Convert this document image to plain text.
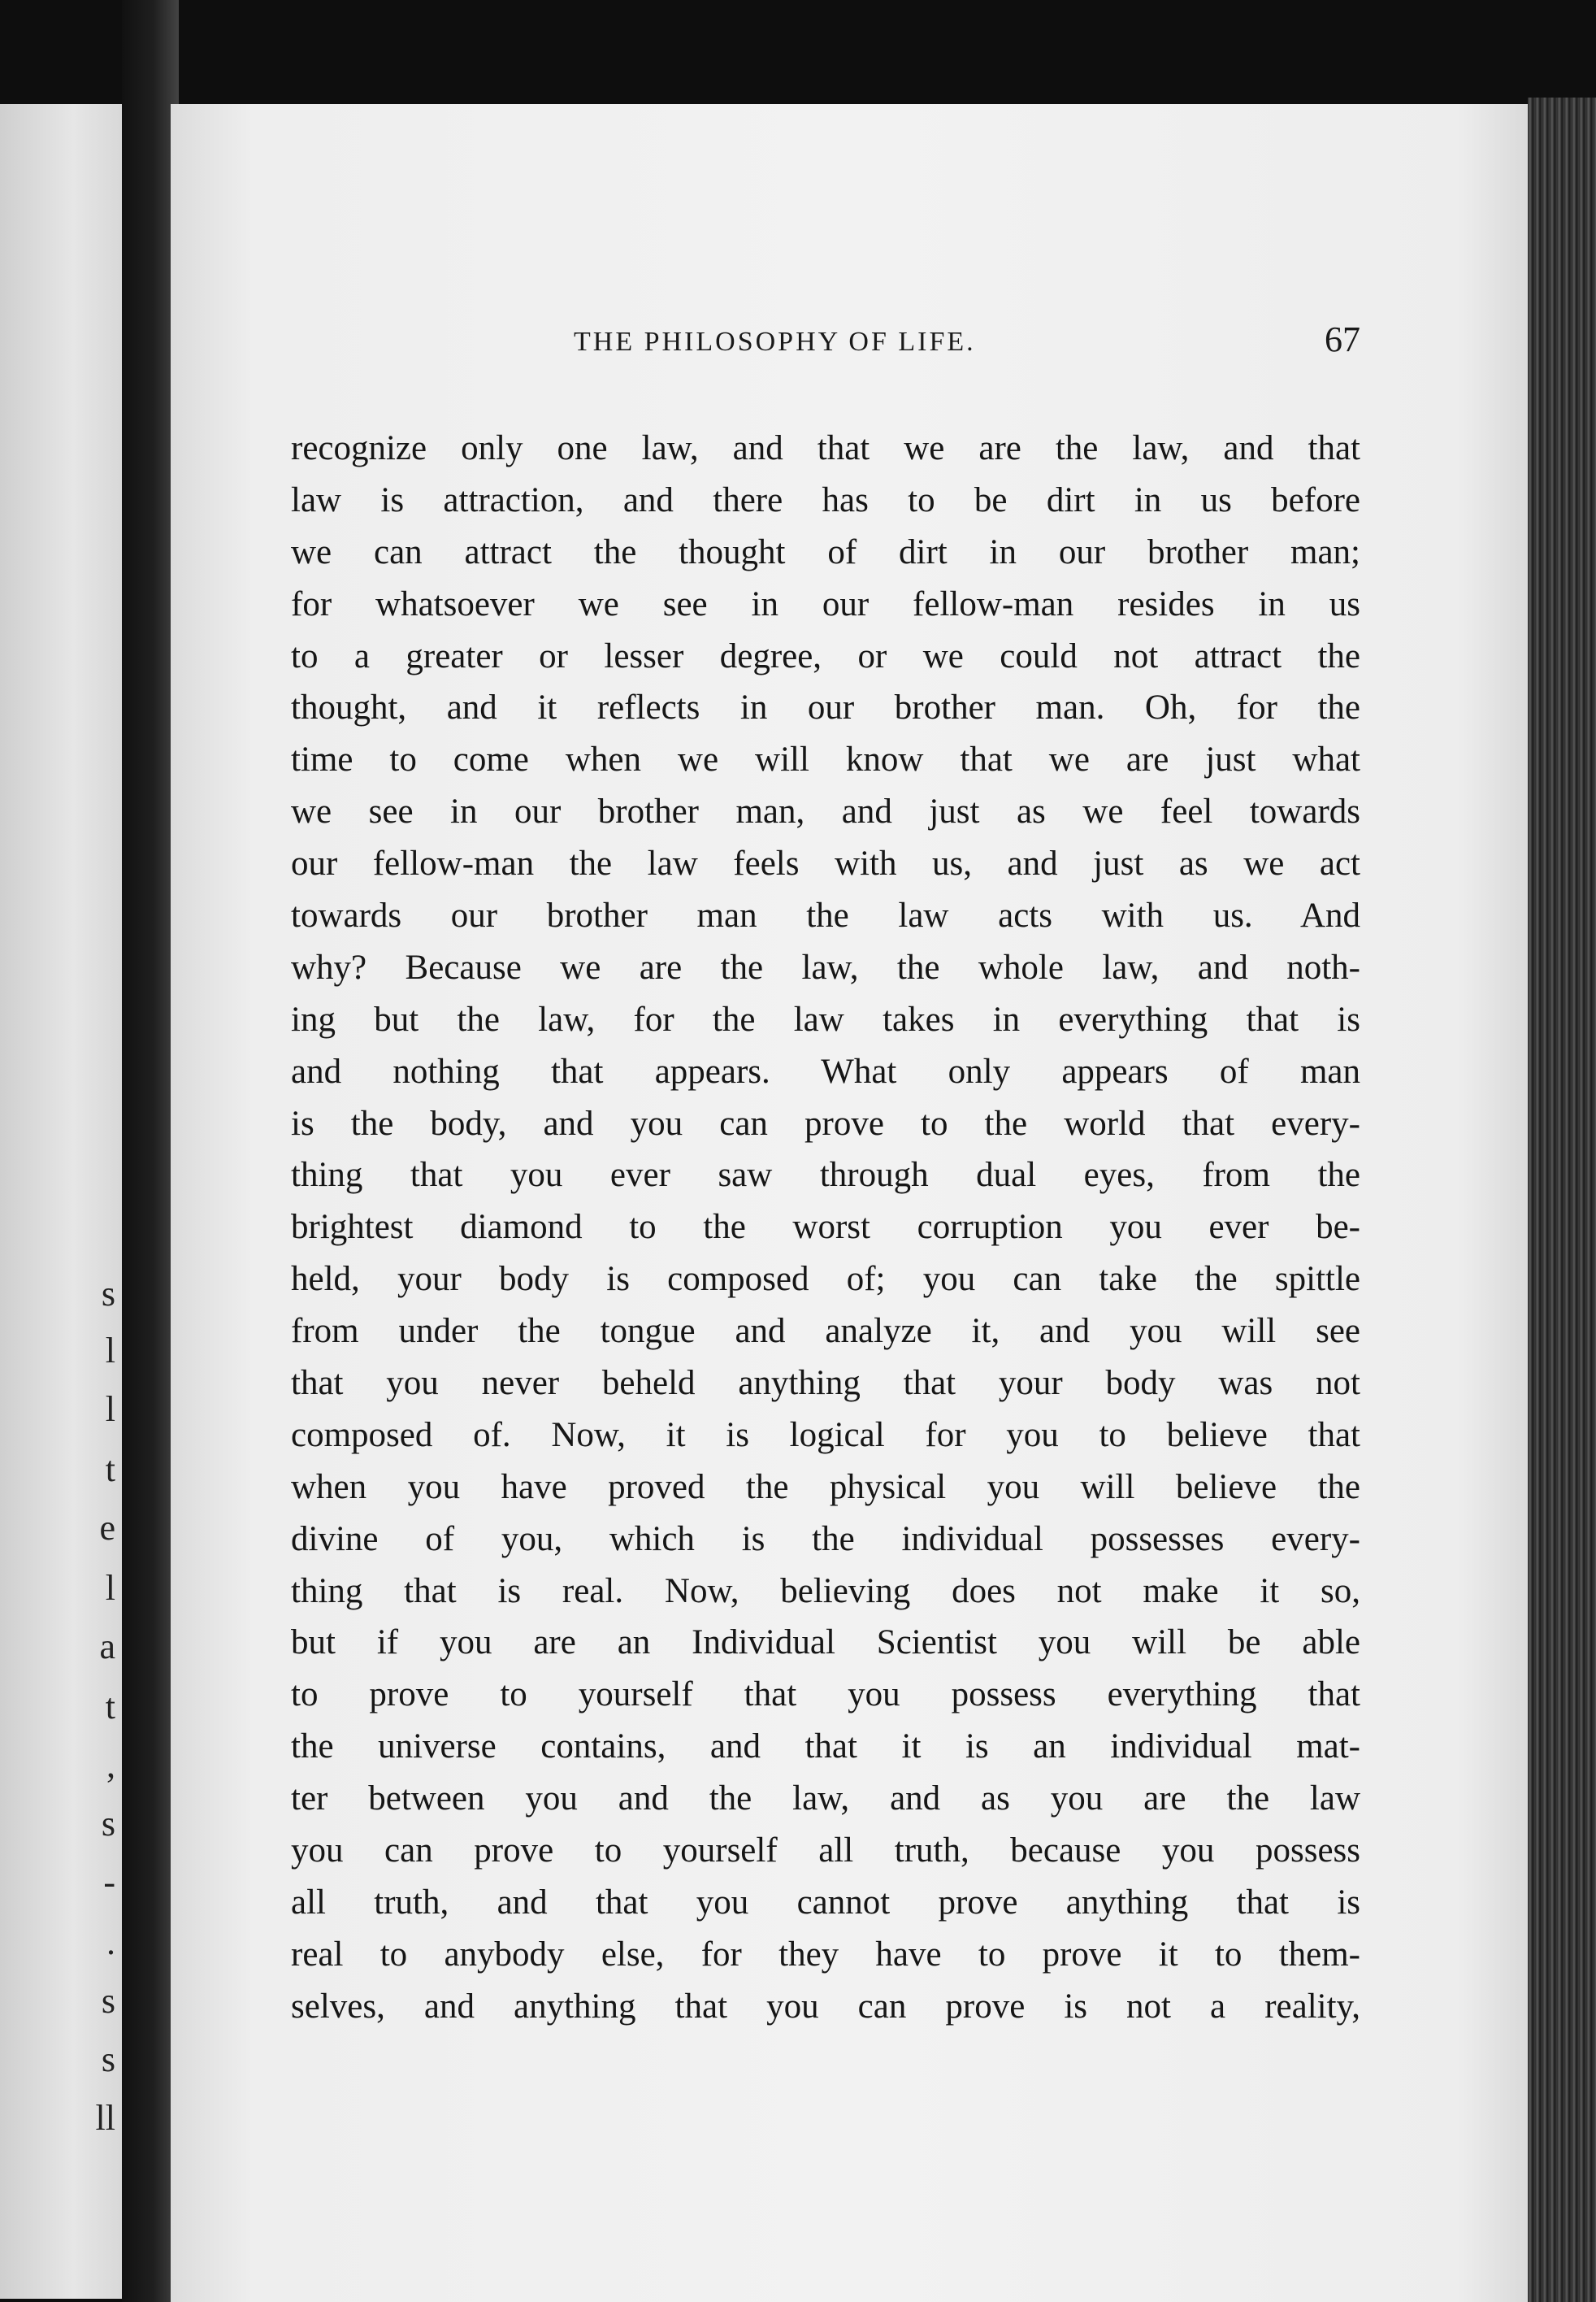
s
l
l
t
e
l
a
t
,
s
-
.
s
s
ll
THE PHILOSOPHY OF LIFE.	67
recognize only one law, and that we are the law, and that
law is attraction, and there has to be dirt in us before
we can attract the thought of dirt in our brother man;
for whatsoever we see in our fellow-man resides in us
to a greater or lesser degree, or we could not attract the
thought, and it reflects in our brother man. Oh, for the
time to come when we will know that we are just what
we see in our brother man, and just as we feel towards
our fellow-man the law feels with us, and just as we act
towards our brother man the law acts with us. And
why? Because we are the law, the whole law, and noth-
ing but the law, for the law takes in everything that is
and nothing that appears. What only appears of man
is the body, and you can prove to the world that every-
thing that you ever saw through dual eyes, from the
brightest diamond to the worst corruption you ever be-
held, your body is composed of; you can take the spittle
from under the tongue and analyze it, and you will see
that you never beheld anything that your body was not
composed of. Now, it is logical for you to believe that
when you have proved the physical you will believe the
divine of you, which is the individual possesses every-
thing that is real. Now, believing does not make it so,
but if you are an Individual Scientist you will be able
to prove to yourself that you possess everything that
the universe contains, and that it is an individual mat-
ter between you and the law, and as you are the law
you can prove to yourself all truth, because you possess
all truth, and that you cannot prove anything that is
real to anybody else, for they have to prove it to them-
selves, and anything that you can prove is not a reality,
